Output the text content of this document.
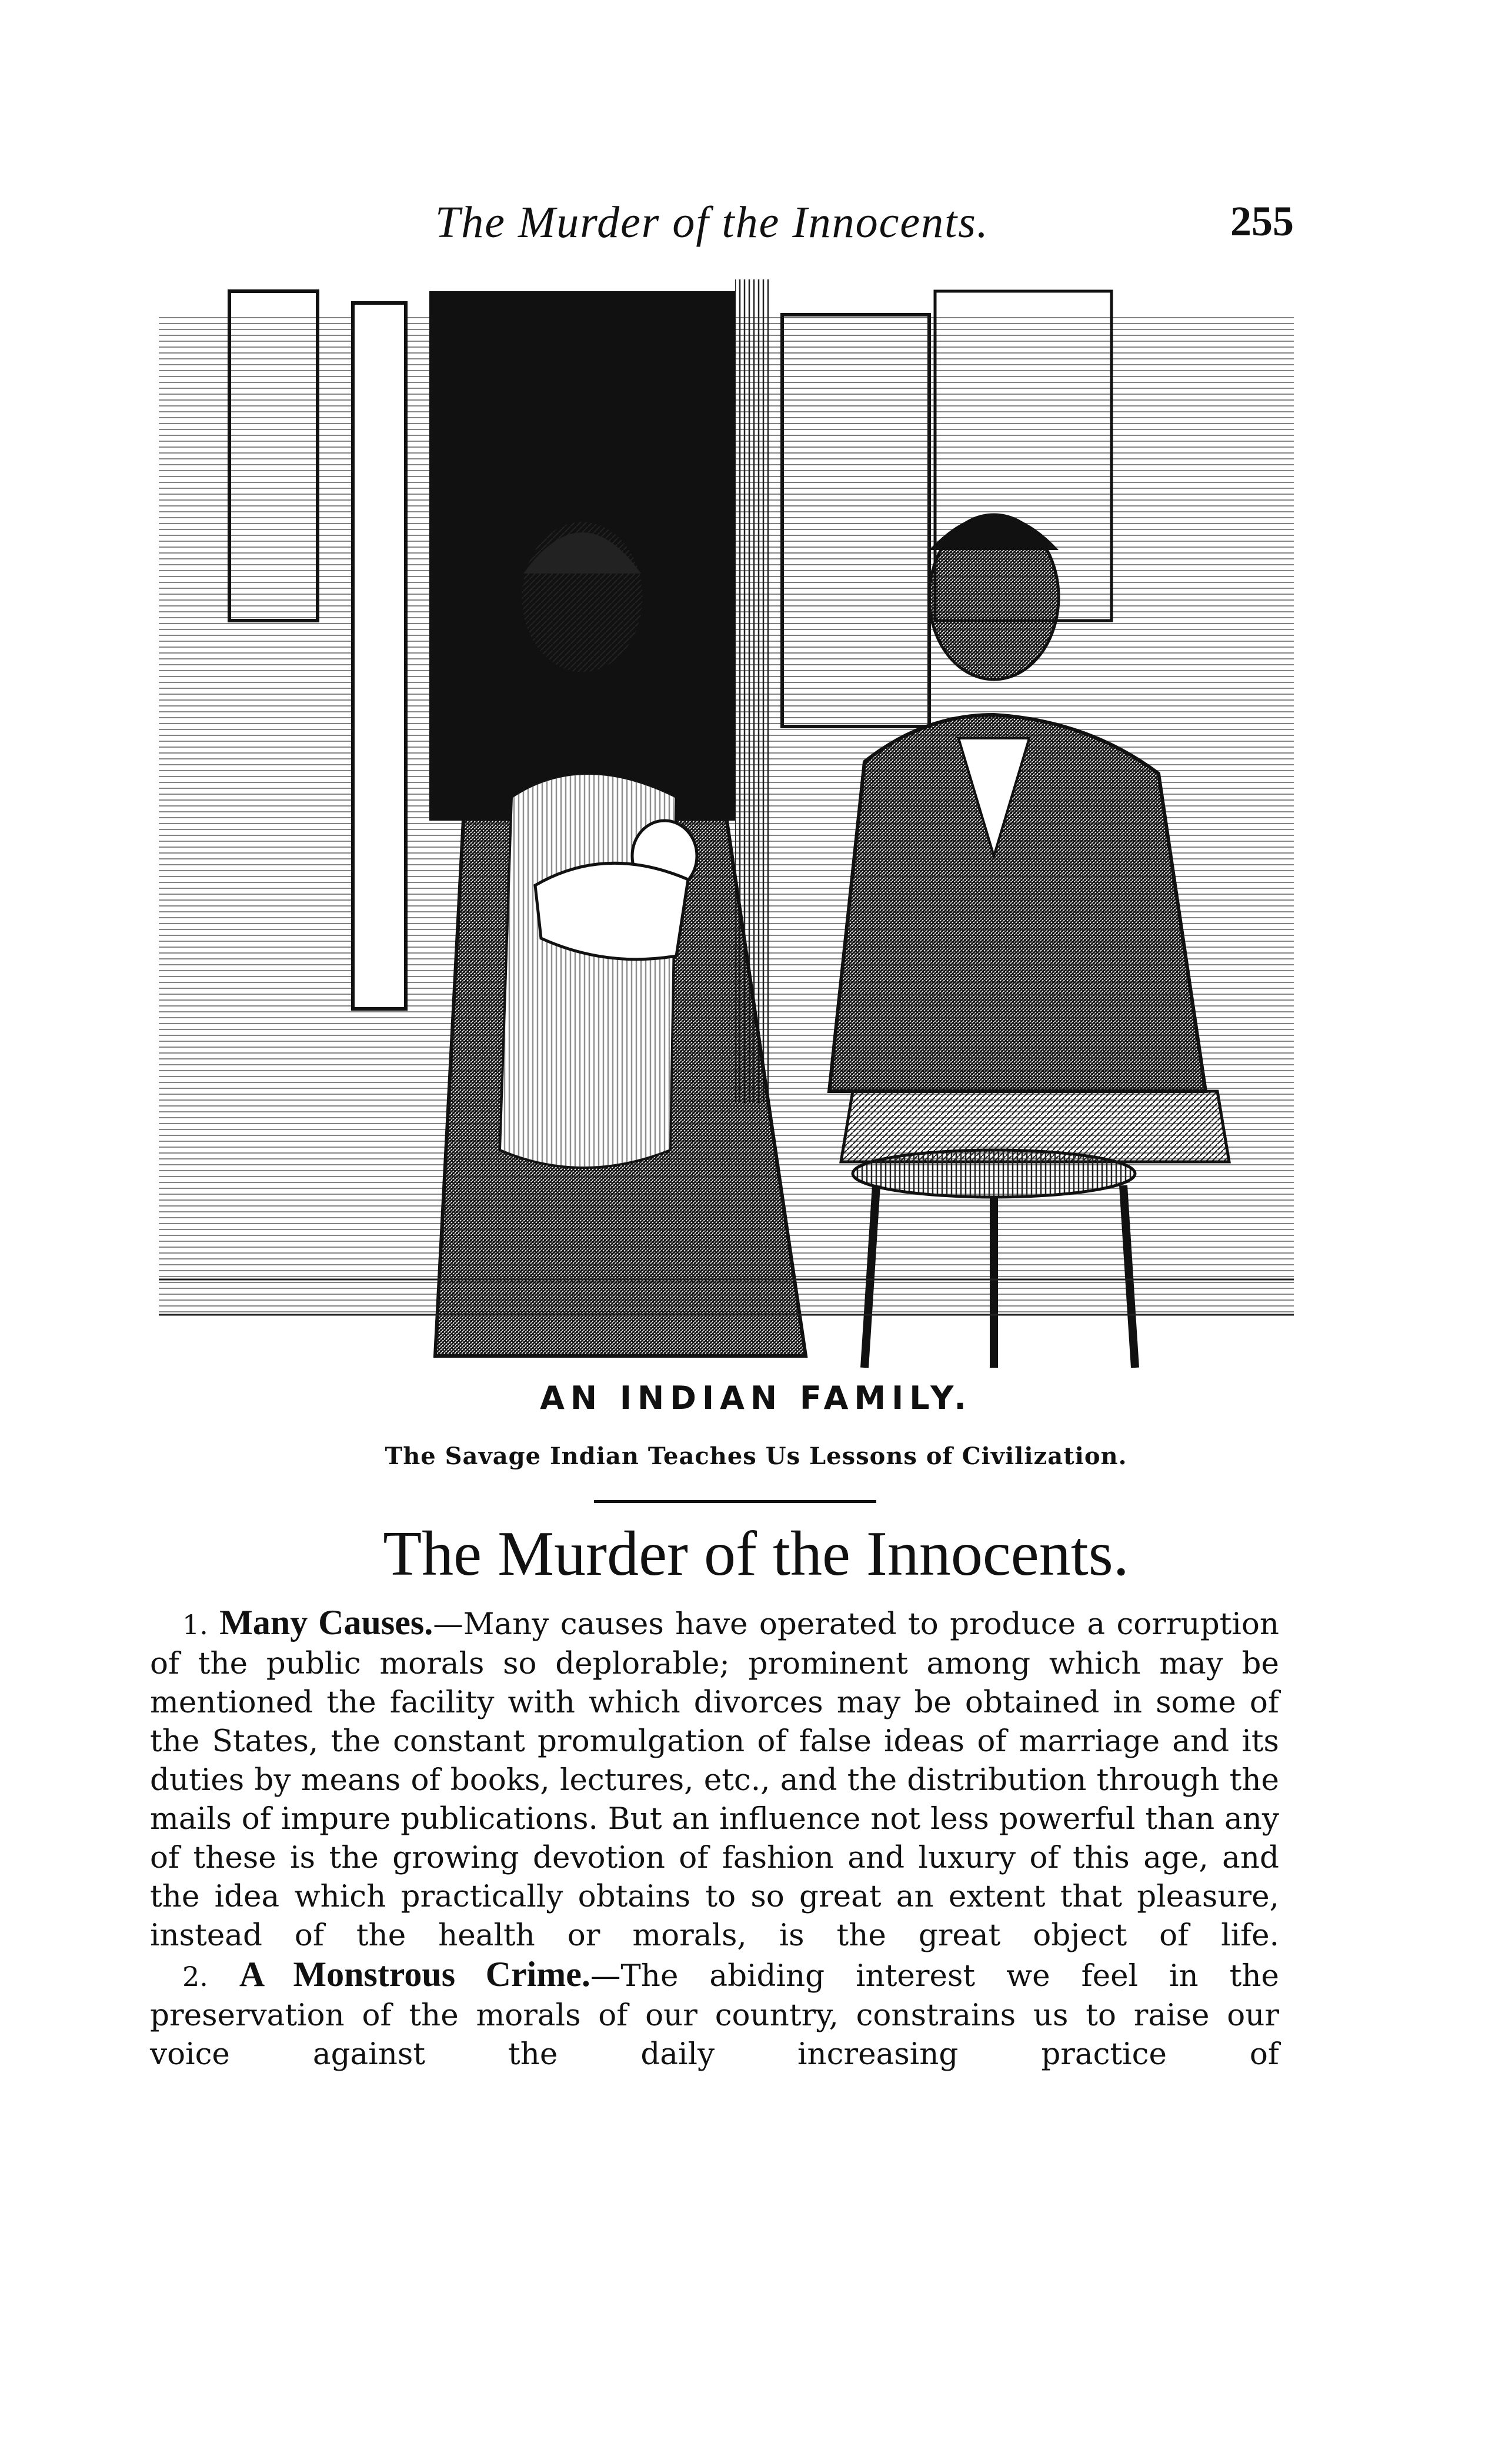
The Murder of the Innocents.	255
AN INDIAN FAMILY.
The Savage Indian Teaches Us Lessons of Civilization.
The Murder of the Innocents.

1. Many Causes.—Many causes have operated to produce a corruption of the public morals so deplorable; prominent among which may be mentioned the facility with which divorces may be obtained in some of the States, the constant promulgation of false ideas of marriage and its duties by means of books, lectures, etc., and the distribution through the mails of impure publications. But an influence not less powerful than any of these is the growing devotion of fashion and luxury of this age, and the idea which practically obtains to so great an extent that pleasure, instead of the health or morals, is the great object of life.

2. A Monstrous Crime.—The abiding interest we feel in the preservation of the morals of our country, constrains us to raise our voice against the daily increasing practice of
